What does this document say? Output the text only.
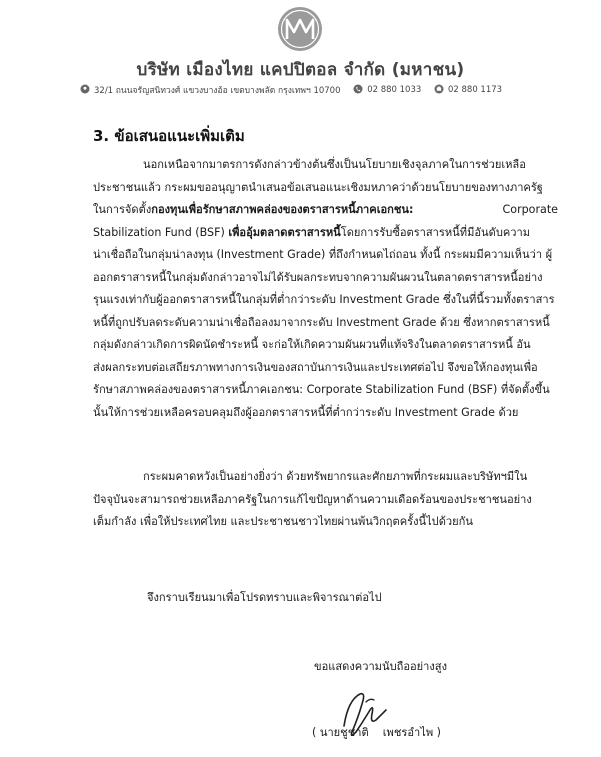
บริษัท เมืองไทย แคปปิตอล จำกัด (มหาชน)
32/1 ถนนจรัญสนิทวงศ์ แขวงบางอ้อ เขตบางพลัด กรุงเทพฯ 10700	02 880 1033	02 880 1173
3. ข้อเสนอแนะเพิ่มเติม
นอกเหนือจากมาตรการดังกล่าวข้างต้นซึ่งเป็นนโยบายเชิงจุลภาคในการช่วยเหลือ
ประชาชนแล้ว กระผมขออนุญาตนำเสนอข้อเสนอแนะเชิงมหภาคว่าด้วยนโยบายของทางภาครัฐ
ในการจัดตั้งกองทุนเพื่อรักษาสภาพคล่องของตราสารหนี้ภาคเอกชน:	Corporate
Stabilization Fund (BSF) เพื่ออุ้มตลาดตราสารหนี้โดยการรับซื้อตราสารหนี้ที่มีอันดับความ
น่าเชื่อถือในกลุ่มน่าลงทุน (Investment Grade) ที่ถึงกำหนดไถ่ถอน ทั้งนี้ กระผมมีความเห็นว่า ผู้
ออกตราสารหนี้ในกลุ่มดังกล่าวอาจไม่ได้รับผลกระทบจากความผันผวนในตลาดตราสารหนี้อย่าง
รุนแรงเท่ากับผู้ออกตราสารหนี้ในกลุ่มที่ต่ำกว่าระดับ Investment Grade ซึ่งในที่นี้รวมทั้งตราสาร
หนี้ที่ถูกปรับลดระดับความน่าเชื่อถือลงมาจากระดับ Investment Grade ด้วย ซึ่งหากตราสารหนี้
กลุ่มดังกล่าวเกิดการผิดนัดชำระหนี้ จะก่อให้เกิดความผันผวนที่แท้จริงในตลาดตราสารหนี้ อัน
ส่งผลกระทบต่อเสถียรภาพทางการเงินของสถาบันการเงินและประเทศต่อไป จึงขอให้กองทุนเพื่อ
รักษาสภาพคล่องของตราสารหนี้ภาคเอกชน: Corporate Stabilization Fund (BSF) ที่จัดตั้งขึ้น
นั้นให้การช่วยเหลือครอบคลุมถึงผู้ออกตราสารหนี้ที่ต่ำกว่าระดับ Investment Grade ด้วย
กระผมคาดหวังเป็นอย่างยิ่งว่า ด้วยทรัพยากรและศักยภาพที่กระผมและบริษัทฯมีใน
ปัจจุบันจะสามารถช่วยเหลือภาครัฐในการแก้ไขปัญหาด้านความเดือดร้อนของประชาชนอย่าง
เต็มกำลัง เพื่อให้ประเทศไทย และประชาชนชาวไทยผ่านพ้นวิกฤตครั้งนี้ไปด้วยกัน
จึงกราบเรียนมาเพื่อโปรดทราบและพิจารณาต่อไป
ขอแสดงความนับถืออย่างสูง
( นายชูชาติ    เพชรอำไพ )
